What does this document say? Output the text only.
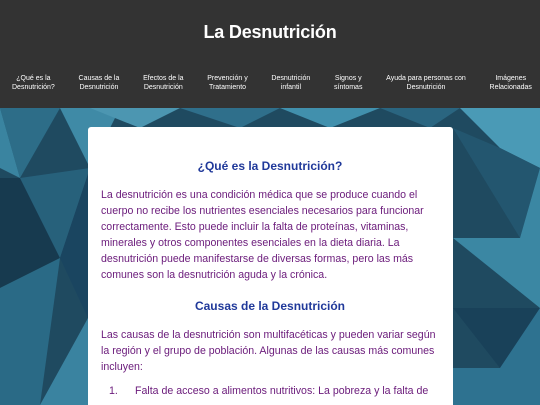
La Desnutrición
¿Qué es la
Desnutrición?
Causas de la
Desnutrición
Efectos de la
Desnutrición
Prevención y
Tratamiento
Desnutrición
infantil
Signos y
síntomas
Ayuda para personas con
Desnutrición
Imágenes
Relacionadas
¿Qué es la Desnutrición?

La desnutrición es una condición médica que se produce cuando el cuerpo no recibe los nutrientes esenciales necesarios para funcionar correctamente. Esto puede incluir la falta de proteínas, vitaminas, minerales y otros componentes esenciales en la dieta diaria. La desnutrición puede manifestarse de diversas formas, pero las más comunes son la desnutrición aguda y la crónica.

Causas de la Desnutrición

Las causas de la desnutrición son multifacéticas y pueden variar según la región y el grupo de población. Algunas de las causas más comunes incluyen:

1. Falta de acceso a alimentos nutritivos: La pobreza y la falta de
